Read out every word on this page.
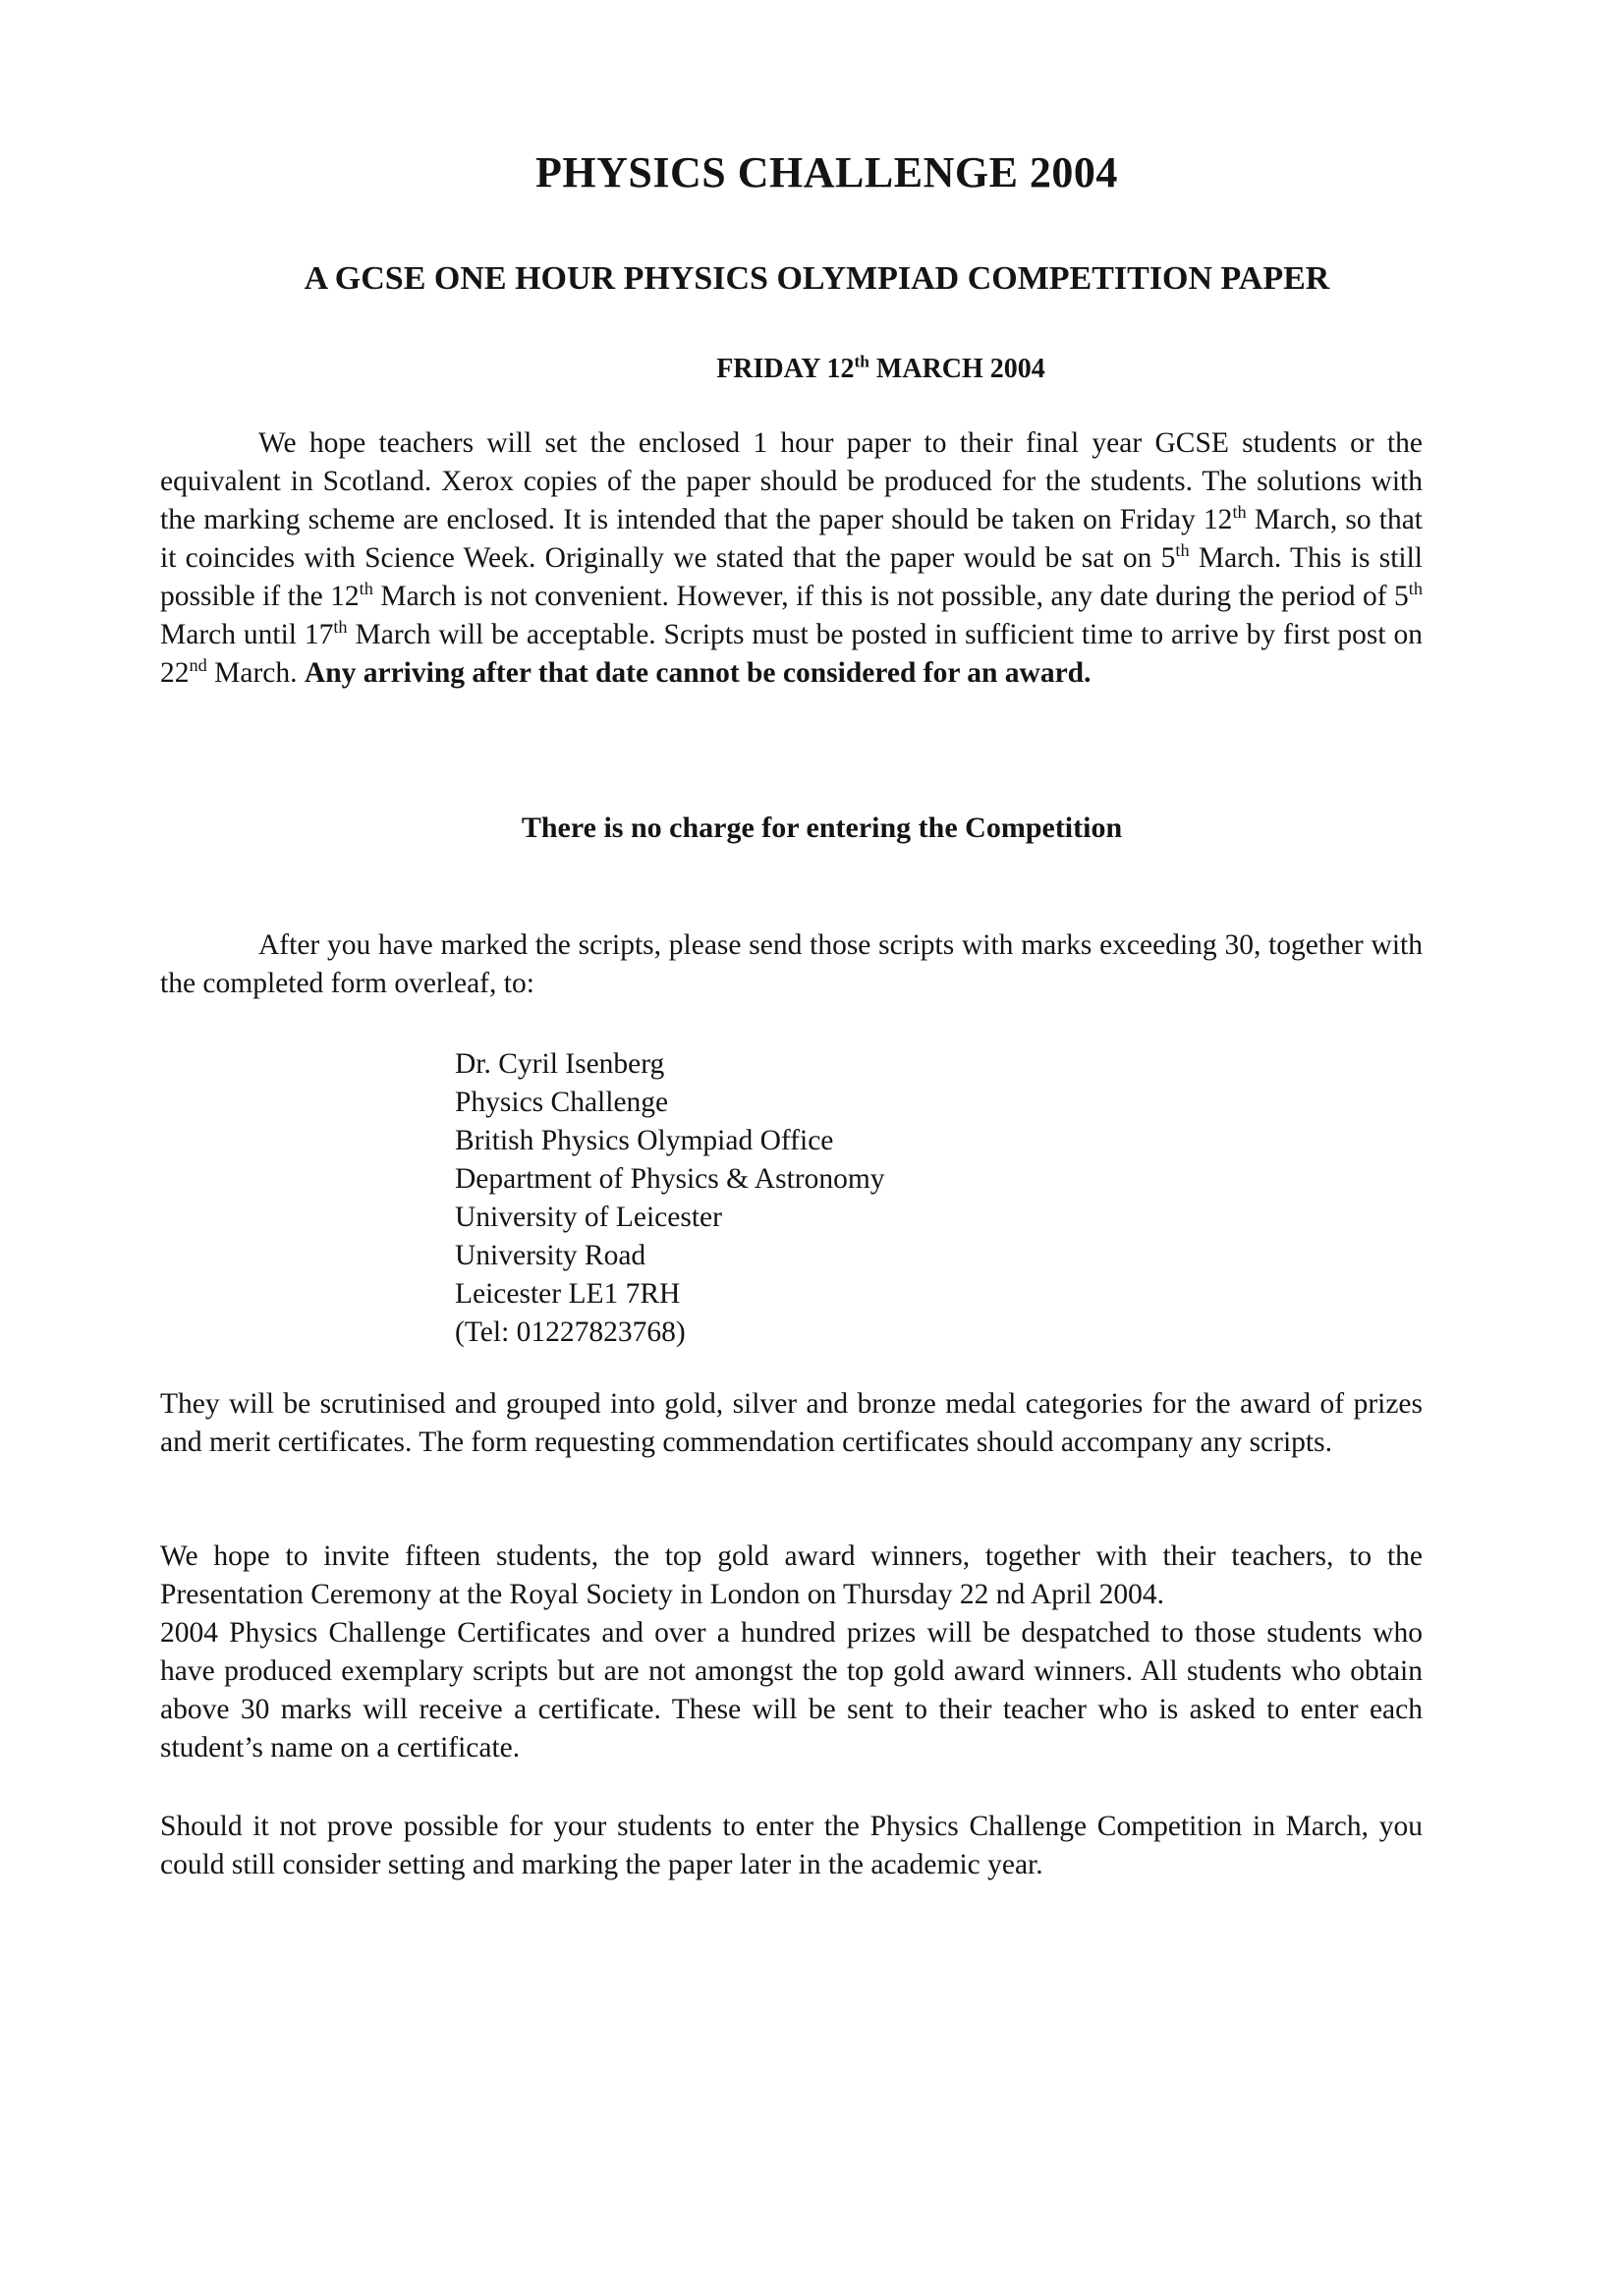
PHYSICS CHALLENGE 2004
A GCSE ONE HOUR PHYSICS OLYMPIAD COMPETITION PAPER
FRIDAY 12th MARCH 2004

We hope teachers will set the enclosed 1 hour paper to their final year GCSE students or the equivalent in Scotland. Xerox copies of the paper should be produced for the students. The solutions with the marking scheme are enclosed. It is intended that the paper should be taken on Friday 12th March, so that it coincides with Science Week. Originally we stated that the paper would be sat on 5th March. This is still possible if the 12th March is not convenient. However, if this is not possible, any date during the period of 5th March until 17th March will be acceptable. Scripts must be posted in sufficient time to arrive by first post on 22nd March. Any arriving after that date cannot be considered for an award.

There is no charge for entering the Competition

After you have marked the scripts, please send those scripts with marks exceeding 30, together with the completed form overleaf, to:

Dr. Cyril Isenberg
Physics Challenge
British Physics Olympiad Office
Department of Physics & Astronomy
University of Leicester
University Road
Leicester LE1 7RH
(Tel: 01227823768)

They will be scrutinised and grouped into gold, silver and bronze medal categories for the award of prizes and merit certificates. The form requesting commendation certificates should accompany any scripts.

We hope to invite fifteen students, the top gold award winners, together with their teachers, to the Presentation Ceremony at the Royal Society in London on Thursday 22 nd April 2004.
2004 Physics Challenge Certificates and over a hundred prizes will be despatched to those students who have produced exemplary scripts but are not amongst the top gold award winners. All students who obtain above 30 marks will receive a certificate. These will be sent to their teacher who is asked to enter each student’s name on a certificate.

Should it not prove possible for your students to enter the Physics Challenge Competition in March, you could still consider setting and marking the paper later in the academic year.
